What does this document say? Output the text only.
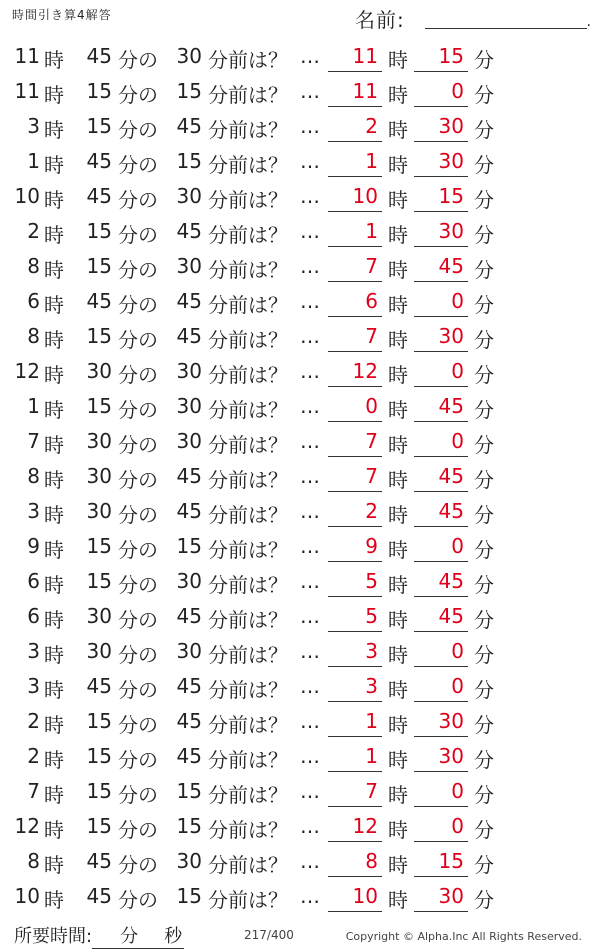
時間引き算4解答	名前:	.
11 時	45 分の 30 分前は？ …	11 時	15 分
11 時	15 分の 15 分前は？ …	11 時	0 分
3 時	15 分の 45 分前は？ …	2 時	30 分
1 時	45 分の 15 分前は？ …	1 時	30 分
10 時	45 分の 30 分前は？ …	10 時	15 分
2 時	15 分の 45 分前は？ …	1 時	30 分
8 時	15 分の 30 分前は？ …	7 時	45 分
6 時	45 分の 45 分前は？ …	6 時	0 分
8 時	15 分の 45 分前は？ …	7 時	30 分
12 時	30 分の 30 分前は？ …	12 時	0 分
1 時	15 分の 30 分前は？ …	0 時	45 分
7 時	30 分の 30 分前は？ …	7 時	0 分
8 時	30 分の 45 分前は？ …	7 時	45 分
3 時	30 分の 45 分前は？ …	2 時	45 分
9 時	15 分の 15 分前は？ …	9 時	0 分
6 時	15 分の 30 分前は？ …	5 時	45 分
6 時	30 分の 45 分前は？ …	5 時	45 分
3 時	30 分の 30 分前は？ …	3 時	0 分
3 時	45 分の 45 分前は？ …	3 時	0 分
2 時	15 分の 45 分前は？ …	1 時	30 分
2 時	15 分の 45 分前は？ …	1 時	30 分
7 時	15 分の 15 分前は？ …	7 時	0 分
12 時	15 分の 15 分前は？ …	12 時	0 分
8 時	45 分の 30 分前は？ …	8 時	15 分
10 時	45 分の 15 分前は？ …	10 時	30 分
所要時間: 分 秒	217/400	Copyright © Alpha.Inc All Rights Reserved.
